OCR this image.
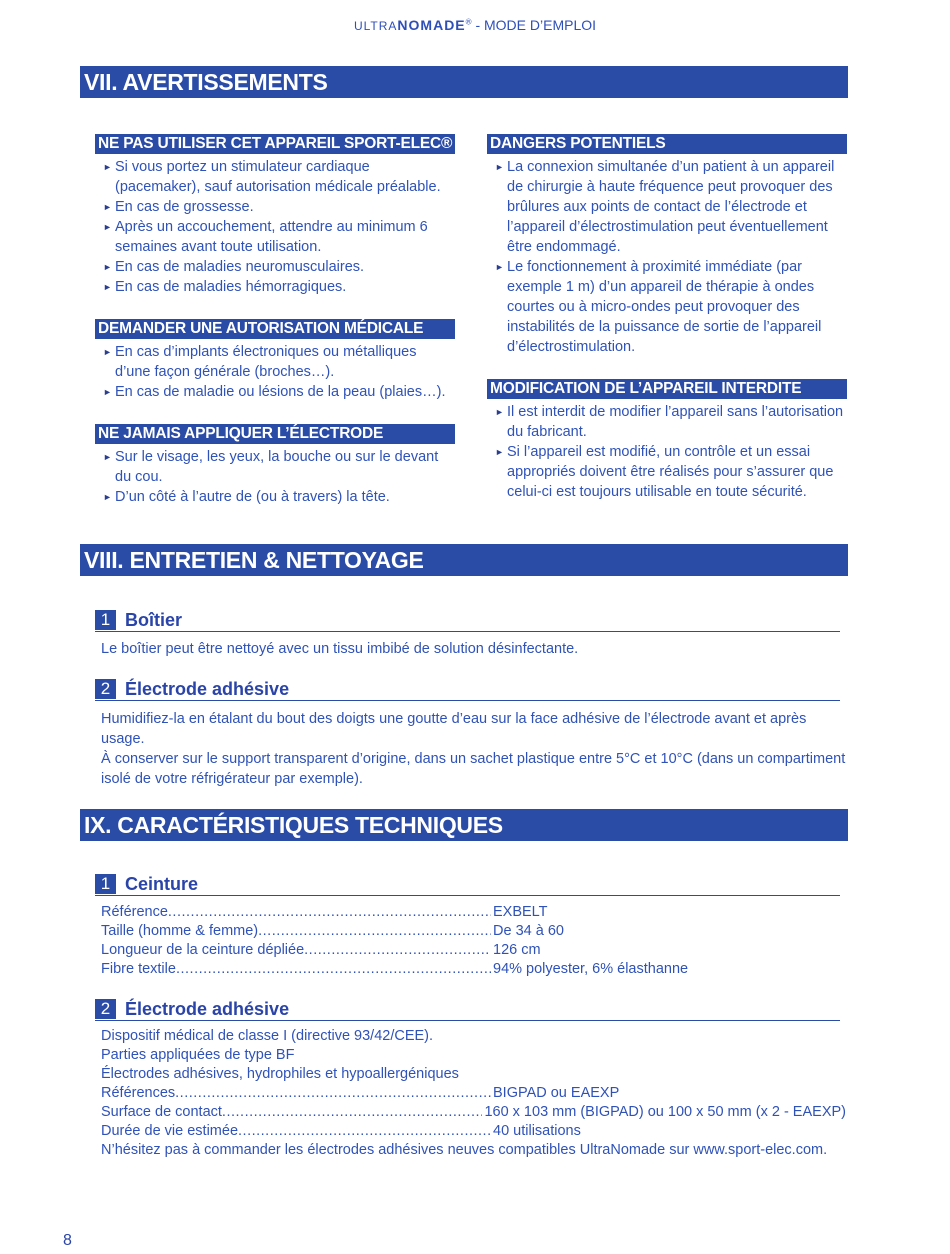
ULTRANOMADE® - MODE D’EMPLOI
VII. AVERTISSEMENTS
NE PAS UTILISER CET APPAREIL SPORT-ELEC®
► Si vous portez un stimulateur cardiaque (pacemaker), sauf autorisation médicale préalable.
► En cas de grossesse.
► Après un accouchement, attendre au minimum 6 semaines avant toute utilisation.
► En cas de maladies neuromusculaires.
► En cas de maladies hémorragiques.
DEMANDER UNE AUTORISATION MÉDICALE
► En cas d’implants électroniques ou métalliques d’une façon générale (broches…).
► En cas de maladie ou lésions de la peau (plaies…).
NE JAMAIS APPLIQUER L’ÉLECTRODE
► Sur le visage, les yeux, la bouche ou sur le devant du cou.
► D’un côté à l’autre de (ou à travers) la tête.
DANGERS POTENTIELS
► La connexion simultanée d’un patient à un appareil de chirurgie à haute fréquence peut provoquer des brûlures aux points de contact de l’électrode et l’appareil d’électrostimulation peut éventuellement être endommagé.
► Le fonctionnement à proximité immédiate (par exemple 1 m) d’un appareil de thérapie à ondes courtes ou à micro-ondes peut provoquer des instabilités de la puissance de sortie de l’appareil d’électrostimulation.
MODIFICATION DE L’APPAREIL INTERDITE
► Il est interdit de modifier l’appareil sans l’autorisation du fabricant.
► Si l’appareil est modifié, un contrôle et un essai appropriés doivent être réalisés pour s’assurer que celui-ci est toujours utilisable en toute sécurité.
VIII. ENTRETIEN & NETTOYAGE
1 Boîtier
Le boîtier peut être nettoyé avec un tissu imbibé de solution désinfectante.
2 Électrode adhésive
Humidifiez-la en étalant du bout des doigts une goutte d’eau sur la face adhésive de l’électrode avant et après usage.
À conserver sur le support transparent d’origine, dans un sachet plastique entre 5°C et 10°C (dans un compartiment
isolé de votre réfrigérateur par exemple).
IX. CARACTÉRISTIQUES TECHNIQUES
1 Ceinture
Référence .....	EXBELT
Taille (homme & femme) .....	De 34 à 60
Longueur de la ceinture dépliée .....	126 cm
Fibre textile .....	94% polyester, 6% élasthanne
2 Électrode adhésive
Dispositif médical de classe I (directive 93/42/CEE).
Parties appliquées de type BF
Électrodes adhésives, hydrophiles et hypoallergéniques
Références .....	BIGPAD ou EAEXP
Surface de contact .....	160 x 103 mm (BIGPAD) ou 100 x 50 mm (x 2 - EAEXP)
Durée de vie estimée .....	40 utilisations
N’hésitez pas à commander les électrodes adhésives neuves compatibles UltraNomade sur www.sport-elec.com.
8
